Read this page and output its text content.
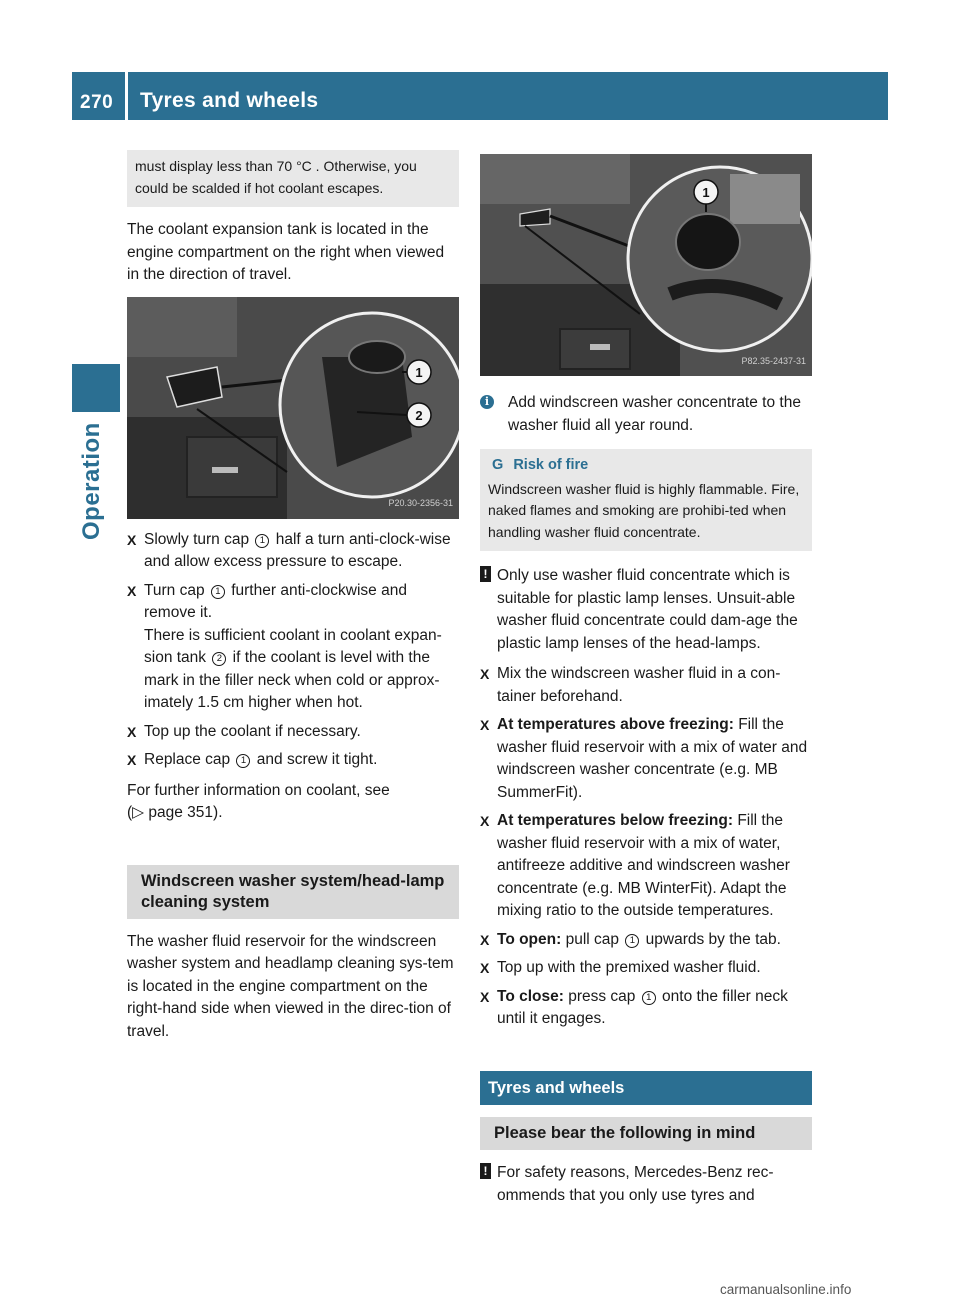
270 Tyres and wheels
Operation
must display less than 70 °C . Otherwise, you could be scalded if hot coolant escapes.
The coolant expansion tank is located in the engine compartment on the right when viewed in the direction of travel.
1
2
P20.30-2356-31
X Slowly turn cap 1 half a turn anti-clock-wise and allow excess pressure to escape.
X Turn cap 1 further anti-clockwise and remove it.
There is sufficient coolant in coolant expan-sion tank 2 if the coolant is level with the mark in the filler neck when cold or approx-imately 1.5 cm higher when hot.
X Top up the coolant if necessary.
X Replace cap 1 and screw it tight.
For further information on coolant, see
(▷ page 351).
Windscreen washer system/head-lamp cleaning system
The washer fluid reservoir for the windscreen washer system and headlamp cleaning sys-tem is located in the engine compartment on the right-hand side when viewed in the direc-tion of travel.
1
P82.35-2437-31
i	Add windscreen washer concentrate to the washer fluid all year round.
G Risk of fire
Windscreen washer fluid is highly flammable. Fire, naked flames and smoking are prohibi-ted when handling washer fluid concentrate.
! Only use washer fluid concentrate which is suitable for plastic lamp lenses. Unsuit-able washer fluid concentrate could dam-age the plastic lamp lenses of the head-lamps.
X Mix the windscreen washer fluid in a con-tainer beforehand.
X At temperatures above freezing: Fill the washer fluid reservoir with a mix of water and windscreen washer concentrate (e.g. MB SummerFit).
X At temperatures below freezing: Fill the washer fluid reservoir with a mix of water, antifreeze additive and windscreen washer concentrate (e.g. MB WinterFit). Adapt the mixing ratio to the outside temperatures.
X To open: pull cap 1 upwards by the tab.
X Top up with the premixed washer fluid.
X To close: press cap 1 onto the filler neck until it engages.
Tyres and wheels
Please bear the following in mind
! For safety reasons, Mercedes-Benz rec-ommends that you only use tyres and
carmanualsonline.info
